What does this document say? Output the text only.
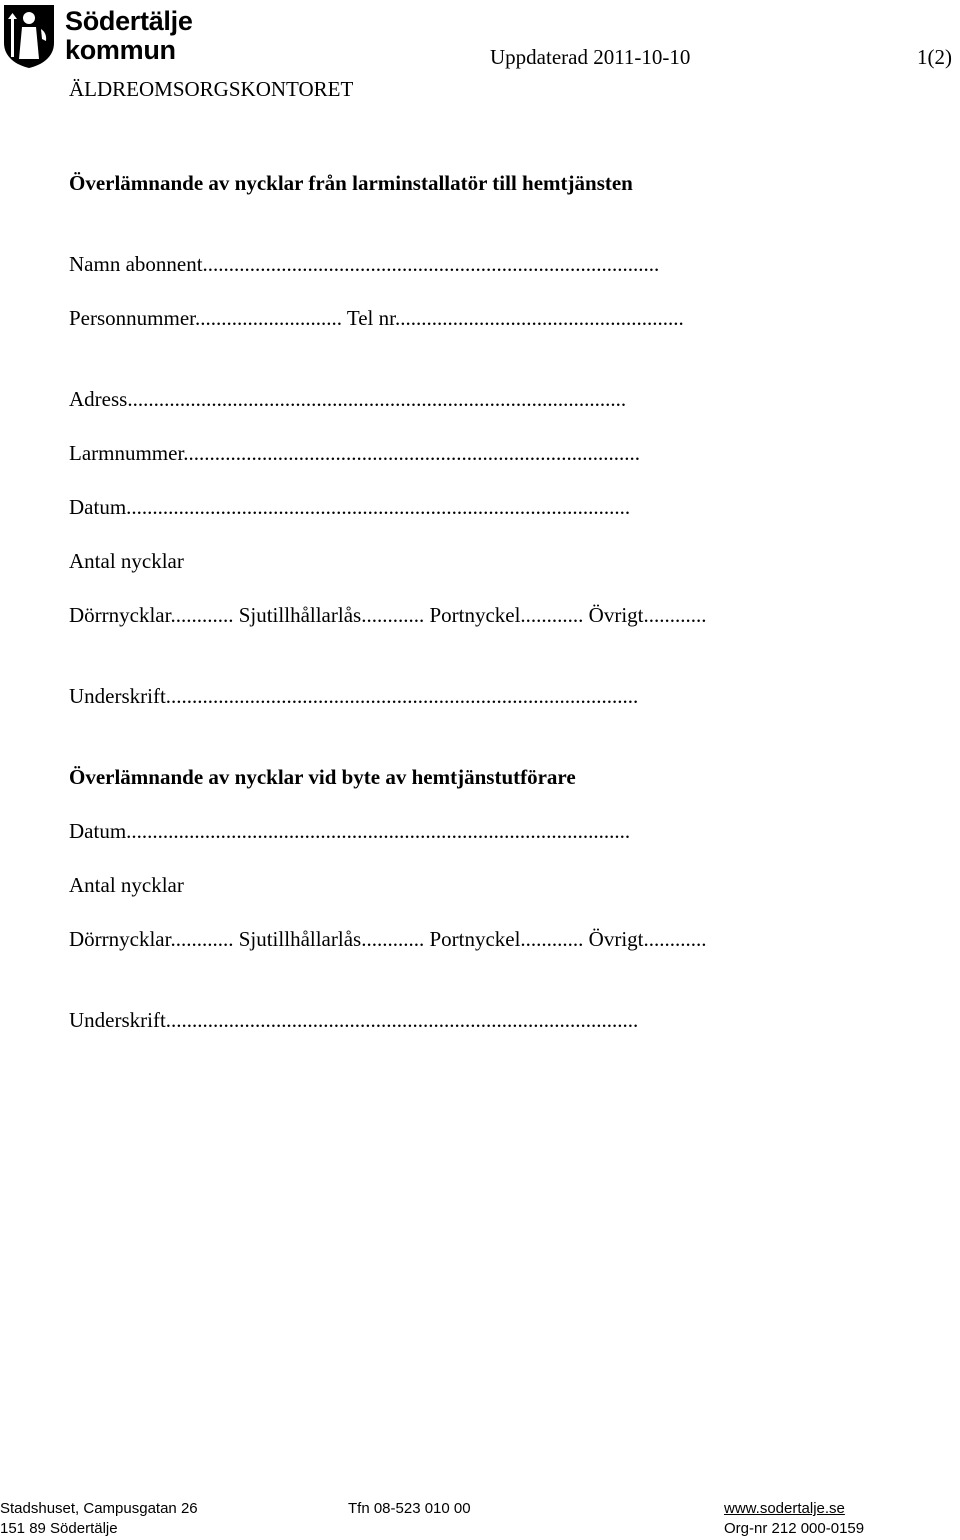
Södertälje
kommun	Uppdaterad 2011-10-10	1(2)
ÄLDREOMSORGSKONTORET
Överlämnande av nycklar från larminstallatör till hemtjänsten
Namn abonnent.......................................................................................
Personnummer............................ Tel nr.......................................................
Adress...............................................................................................
Larmnummer.......................................................................................
Datum................................................................................................
Antal nycklar
Dörrnycklar............ Sjutillhållarlås............ Portnyckel............ Övrigt............
Underskrift..........................................................................................
Överlämnande av nycklar vid byte av hemtjänstutförare
Datum................................................................................................
Antal nycklar
Dörrnycklar............ Sjutillhållarlås............ Portnyckel............ Övrigt............
Underskrift..........................................................................................
Stadshuset, Campusgatan 26
151 89 Södertälje
Tfn 08-523 010 00	www.sodertalje.se
Org-nr 212 000-0159
